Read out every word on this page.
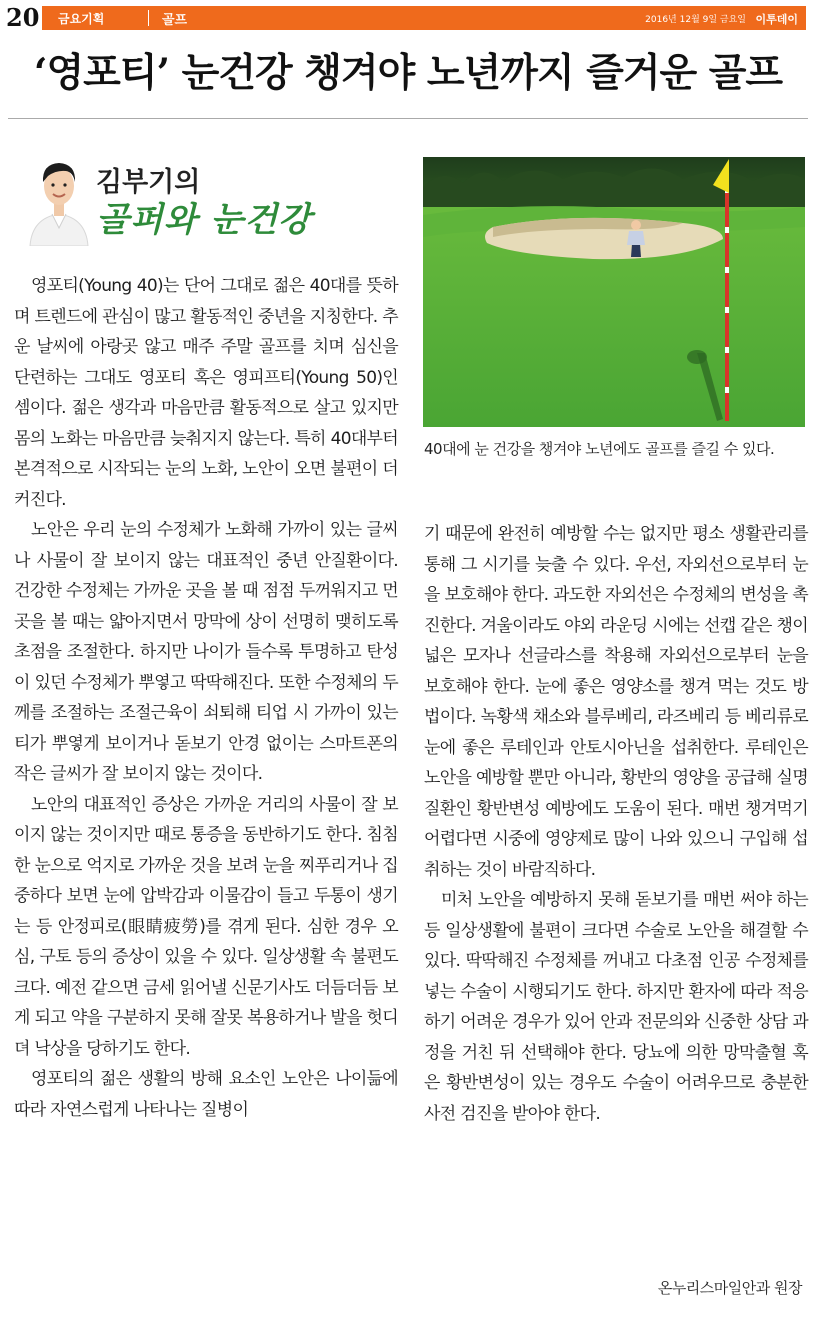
20 금요기획	골프	2016년 12월 9일 금요일 이투데이
‘영포티’ 눈건강 챙겨야 노년까지 즐거운 골프
김부기의
골퍼와 눈건강
40대에 눈 건강을 챙겨야 노년에도 골프를 즐길 수 있다.

영포티(Young 40)는 단어 그대로 젊은 40대를 뜻하며 트렌드에 관심이 많고 활동적인 중년을 지칭한다. 추운 날씨에 아랑곳 않고 매주 주말 골프를 치며 심신을 단련하는 그대도 영포티 혹은 영피프티(Young 50)인 셈이다. 젊은 생각과 마음만큼 활동적으로 살고 있지만 몸의 노화는 마음만큼 늦춰지지 않는다. 특히 40대부터 본격적으로 시작되는 눈의 노화, 노안이 오면 불편이 더 커진다.

노안은 우리 눈의 수정체가 노화해 가까이 있는 글씨나 사물이 잘 보이지 않는 대표적인 중년 안질환이다. 건강한 수정체는 가까운 곳을 볼 때 점점 두꺼워지고 먼 곳을 볼 때는 얇아지면서 망막에 상이 선명히 맺히도록 초점을 조절한다. 하지만 나이가 들수록 투명하고 탄성이 있던 수정체가 뿌옇고 딱딱해진다. 또한 수정체의 두께를 조절하는 조절근육이 쇠퇴해 티업 시 가까이 있는 티가 뿌옇게 보이거나 돋보기 안경 없이는 스마트폰의 작은 글씨가 잘 보이지 않는 것이다.

노안의 대표적인 증상은 가까운 거리의 사물이 잘 보이지 않는 것이지만 때로 통증을 동반하기도 한다. 침침한 눈으로 억지로 가까운 것을 보려 눈을 찌푸리거나 집중하다 보면 눈에 압박감과 이물감이 들고 두통이 생기는 등 안정피로(眼睛疲勞)를 겪게 된다. 심한 경우 오심, 구토 등의 증상이 있을 수 있다. 일상생활 속 불편도 크다. 예전 같으면 금세 읽어낼 신문기사도 더듬더듬 보게 되고 약을 구분하지 못해 잘못 복용하거나 발을 헛디뎌 낙상을 당하기도 한다.

영포티의 젊은 생활의 방해 요소인 노안은 나이듦에 따라 자연스럽게 나타나는 질병이

기 때문에 완전히 예방할 수는 없지만 평소 생활관리를 통해 그 시기를 늦출 수 있다. 우선, 자외선으로부터 눈을 보호해야 한다. 과도한 자외선은 수정체의 변성을 촉진한다. 겨울이라도 야외 라운딩 시에는 선캡 같은 챙이 넓은 모자나 선글라스를 착용해 자외선으로부터 눈을 보호해야 한다. 눈에 좋은 영양소를 챙겨 먹는 것도 방법이다. 녹황색 채소와 블루베리, 라즈베리 등 베리류로 눈에 좋은 루테인과 안토시아닌을 섭취한다. 루테인은 노안을 예방할 뿐만 아니라, 황반의 영양을 공급해 실명 질환인 황반변성 예방에도 도움이 된다. 매번 챙겨먹기 어렵다면 시중에 영양제로 많이 나와 있으니 구입해 섭취하는 것이 바람직하다.

미처 노안을 예방하지 못해 돋보기를 매번 써야 하는 등 일상생활에 불편이 크다면 수술로 노안을 해결할 수 있다. 딱딱해진 수정체를 꺼내고 다초점 인공 수정체를 넣는 수술이 시행되기도 한다. 하지만 환자에 따라 적응하기 어려운 경우가 있어 안과 전문의와 신중한 상담 과정을 거친 뒤 선택해야 한다. 당뇨에 의한 망막출혈 혹은 황반변성이 있는 경우도 수술이 어려우므로 충분한 사전 검진을 받아야 한다.

온누리스마일안과 원장
